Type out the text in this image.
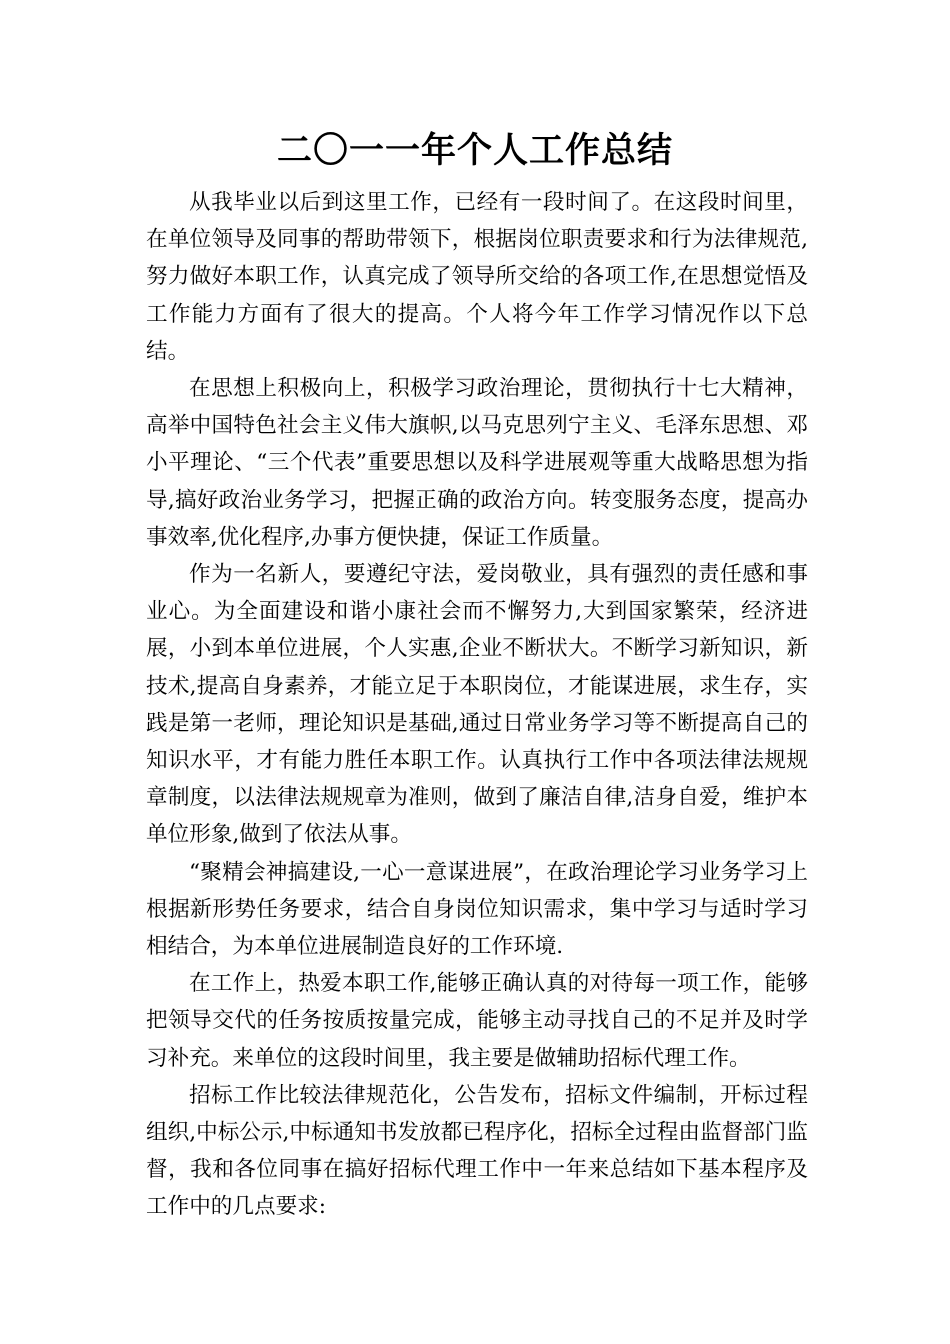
二〇一一年个人工作总结

从我毕业以后到这里工作，已经有一段时间了。在这段时间里，在单位领导及同事的帮助带领下，根据岗位职责要求和行为法律规范,努力做好本职工作，认真完成了领导所交给的各项工作,在思想觉悟及工作能力方面有了很大的提高。个人将今年工作学习情况作以下总结。

在思想上积极向上，积极学习政治理论，贯彻执行十七大精神，高举中国特色社会主义伟大旗帜,以马克思列宁主义、毛泽东思想、邓小平理论、“三个代表”重要思想以及科学进展观等重大战略思想为指导,搞好政治业务学习，把握正确的政治方向。转变服务态度，提高办事效率,优化程序,办事方便快捷，保证工作质量。

作为一名新人，要遵纪守法，爱岗敬业，具有强烈的责任感和事业心。为全面建设和谐小康社会而不懈努力,大到国家繁荣，经济进展，小到本单位进展，个人实惠,企业不断状大。不断学习新知识，新技术,提高自身素养，才能立足于本职岗位，才能谋进展，求生存，实践是第一老师，理论知识是基础,通过日常业务学习等不断提高自己的知识水平，才有能力胜任本职工作。认真执行工作中各项法律法规规章制度，以法律法规规章为准则，做到了廉洁自律,洁身自爱，维护本单位形象,做到了依法从事。

“聚精会神搞建设,一心一意谋进展”，在政治理论学习业务学习上根据新形势任务要求，结合自身岗位知识需求，集中学习与适时学习相结合，为本单位进展制造良好的工作环境.

在工作上，热爱本职工作,能够正确认真的对待每一项工作，能够把领导交代的任务按质按量完成，能够主动寻找自己的不足并及时学习补充。来单位的这段时间里，我主要是做辅助招标代理工作。

招标工作比较法律规范化，公告发布，招标文件编制，开标过程组织,中标公示,中标通知书发放都已程序化，招标全过程由监督部门监督，我和各位同事在搞好招标代理工作中一年来总结如下基本程序及工作中的几点要求:
